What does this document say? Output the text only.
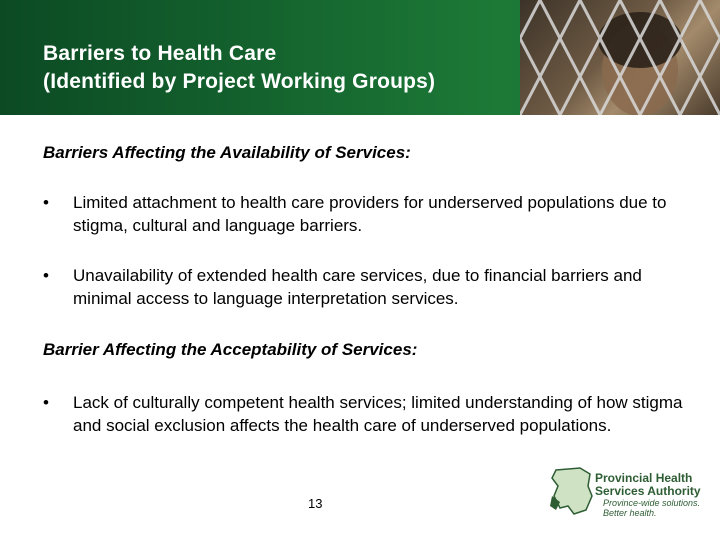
Barriers to Health Care
(Identified by Project Working Groups)
Barriers Affecting the Availability of Services:
•	Limited attachment to health care providers for underserved populations due to stigma, cultural and language barriers.
•	Unavailability of extended health care services, due to financial barriers and minimal access to language interpretation services.
Barrier Affecting the Acceptability of Services:
•	Lack of culturally competent health services; limited understanding of how stigma and social exclusion affects the health care of underserved populations.
13
Provincial Health
Services Authority
Province-wide solutions.
Better health.
